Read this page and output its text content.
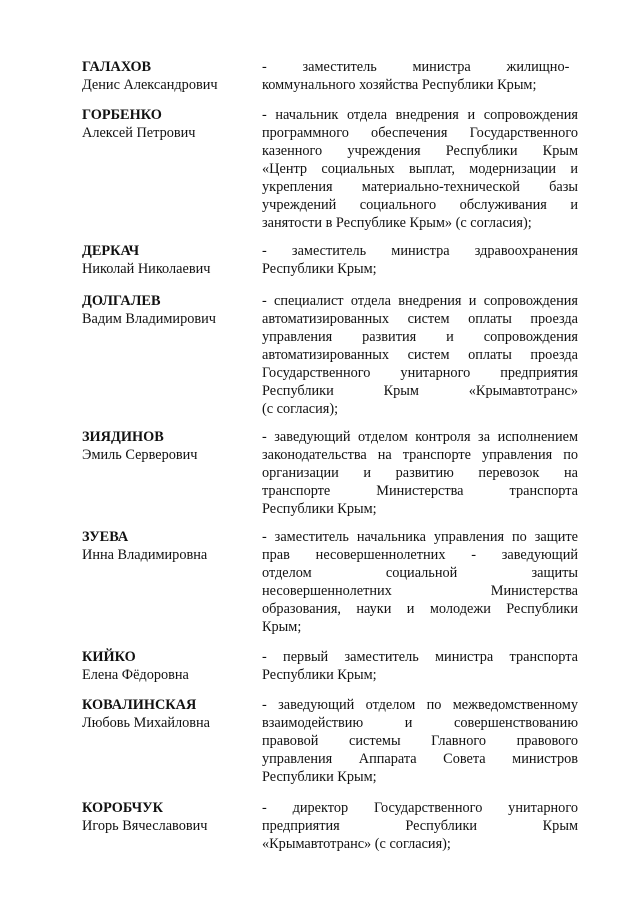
ГАЛАХОВ
Денис Александрович
-          заместитель          министра          жилищно-
коммунального хозяйства Республики Крым;
ГОРБЕНКО
Алексей Петрович
- начальник отдела внедрения и сопровождения
программного обеспечения Государственного
казенного учреждения Республики Крым
«Центр социальных выплат, модернизации и
укрепления материально-технической базы
учреждений социального обслуживания и
занятости в Республике Крым» (с согласия);
ДЕРКАЧ
Николай Николаевич
- заместитель министра здравоохранения
Республики Крым;
ДОЛГАЛЕВ
Вадим Владимирович
- специалист отдела внедрения и сопровождения
автоматизированных систем оплаты проезда
управления развития и сопровождения
автоматизированных систем оплаты проезда
Государственного унитарного предприятия
Республики Крым «Крымавтотранс»
(с согласия);
ЗИЯДИНОВ
Эмиль Серверович
- заведующий отделом контроля за исполнением
законодательства на транспорте управления по
организации и развитию перевозок на
транспорте Министерства транспорта
Республики Крым;
ЗУЕВА
Инна Владимировна
- заместитель начальника управления по защите
прав несовершеннолетних - заведующий
отделом социальной защиты
несовершеннолетних Министерства
образования, науки и молодежи Республики
Крым;
КИЙКО
Елена Фёдоровна
- первый заместитель министра транспорта
Республики Крым;
КОВАЛИНСКАЯ
Любовь Михайловна
- заведующий отделом по межведомственному
взаимодействию и совершенствованию
правовой системы Главного правового
управления Аппарата Совета министров
Республики Крым;
КОРОБЧУК
Игорь Вячеславович
- директор Государственного унитарного
предприятия Республики Крым
«Крымавтотранс» (с согласия);
